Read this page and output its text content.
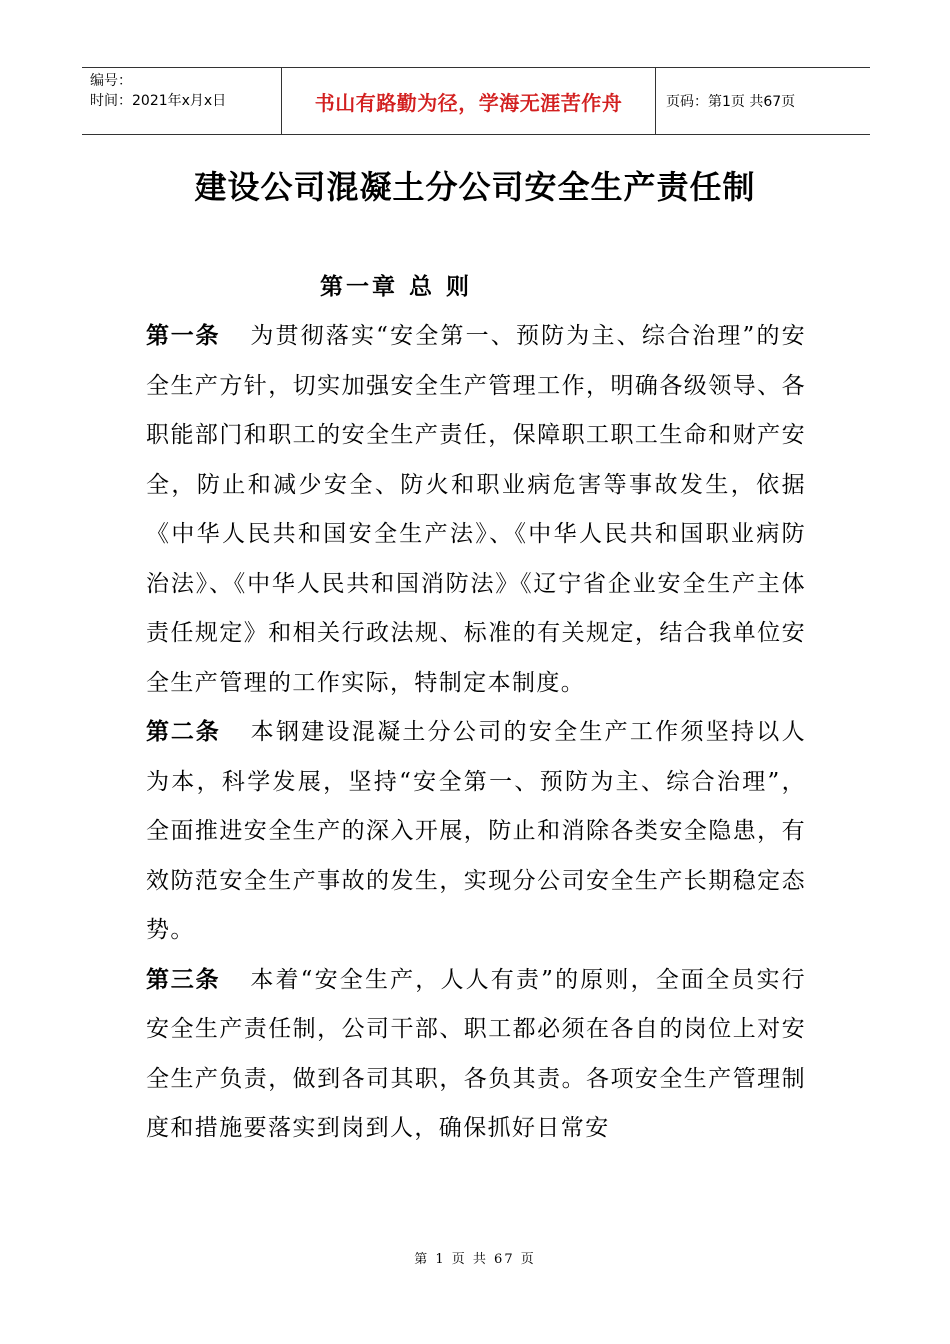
编号：
时间：2021年x月x日	书山有路勤为径，学海无涯苦作舟	页码：第1页 共67页
建设公司混凝土分公司安全生产责任制
第一章 总 则

第一条 为贯彻落实“安全第一、预防为主、综合治理”的安全生产方针，切实加强安全生产管理工作，明确各级领导、各职能部门和职工的安全生产责任，保障职工职工生命和财产安全，防止和减少安全、防火和职业病危害等事故发生，依据《中华人民共和国安全生产法》、《中华人民共和国职业病防治法》、《中华人民共和国消防法》《辽宁省企业安全生产主体责任规定》和相关行政法规、标准的有关规定，结合我单位安全生产管理的工作实际，特制定本制度。

第二条 本钢建设混凝土分公司的安全生产工作须坚持以人为本，科学发展，坚持“安全第一、预防为主、综合治理”，全面推进安全生产的深入开展，防止和消除各类安全隐患，有效防范安全生产事故的发生，实现分公司安全生产长期稳定态势。

第三条 本着“安全生产，人人有责”的原则，全面全员实行安全生产责任制，公司干部、职工都必须在各自的岗位上对安全生产负责，做到各司其职，各负其责。各项安全生产管理制度和措施要落实到岗到人，确保抓好日常安

第 1 页 共 67 页
